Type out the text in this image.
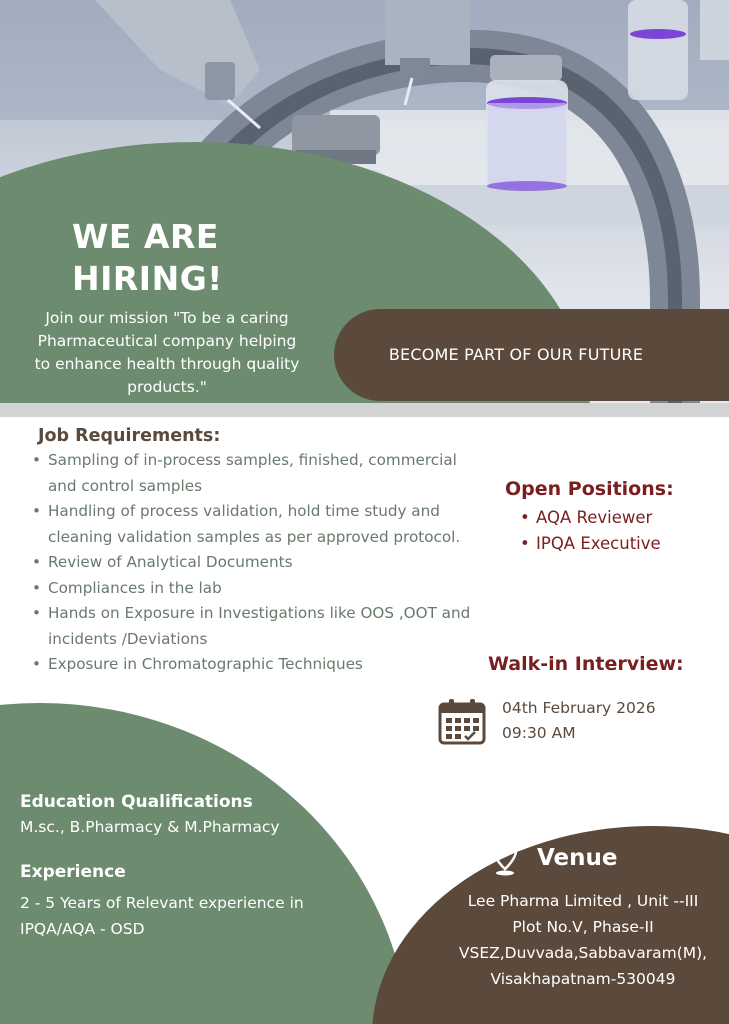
WE ARE
HIRING!
Join our mission "To be a caring Pharmaceutical company helping to enhance health through quality products."
BECOME PART OF OUR FUTURE
Job Requirements:
• Sampling of in-process samples, finished, commercial and control samples
• Handling of process validation, hold time study and cleaning validation samples as per approved protocol.
• Review of Analytical Documents
• Compliances in the lab
• Hands on Exposure in Investigations like OOS ,OOT and incidents /Deviations
• Exposure in Chromatographic Techniques
Open Positions:
• AQA Reviewer
• IPQA Executive
Walk-in Interview:
04th February 2026
09:30 AM
Education Qualifications
M.sc., B.Pharmacy & M.Pharmacy
Experience
2 - 5 Years of Relevant experience in IPQA/AQA - OSD
Venue
Lee Pharma Limited , Unit --III
Plot No.V, Phase-II
VSEZ,Duvvada,Sabbavaram(M),
Visakhapatnam-530049
